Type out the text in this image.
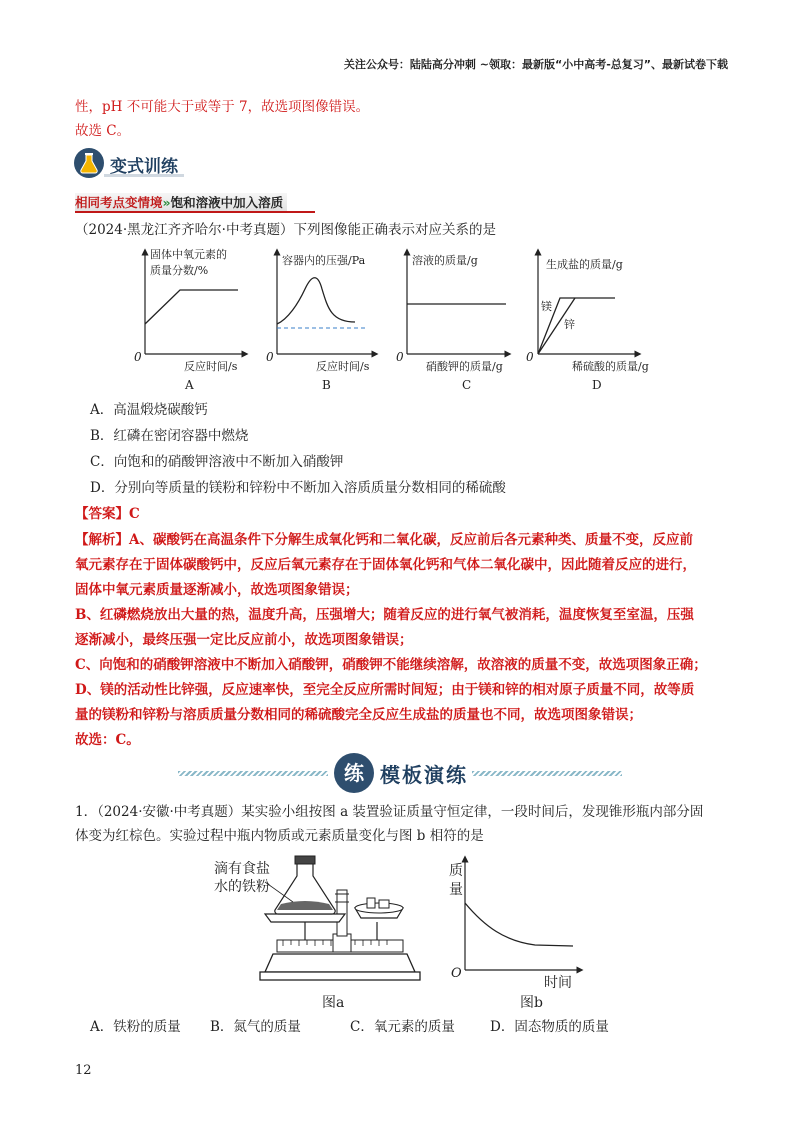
关注公众号：陆陆高分冲刺 ~领取：最新版“小中高考-总复习”、最新试卷下载
性，pH 不可能大于或等于 7，故选项图像错误。
故选 C。
变式训练
相同考点变情境»饱和溶液中加入溶质
（2024·黑龙江齐齐哈尔·中考真题）下列图像能正确表示对应关系的是
固体中氧元素的
质量分数/%
反应时间/s
0
A
容器内的压强/Pa
反应时间/s
0
B
溶液的质量/g
硝酸钾的质量/g
0
C
生成盐的质量/g
稀硫酸的质量/g
0
镁
锌
D
A．高温煅烧碳酸钙
B．红磷在密闭容器中燃烧
C．向饱和的硝酸钾溶液中不断加入硝酸钾
D．分别向等质量的镁粉和锌粉中不断加入溶质质量分数相同的稀硫酸
【答案】C
【解析】A、碳酸钙在高温条件下分解生成氧化钙和二氧化碳，反应前后各元素种类、质量不变，反应前
氧元素存在于固体碳酸钙中，反应后氧元素存在于固体氧化钙和气体二氧化碳中，因此随着反应的进行，
固体中氧元素质量逐渐减小，故选项图象错误；
B、红磷燃烧放出大量的热，温度升高，压强增大；随着反应的进行氧气被消耗，温度恢复至室温，压强
逐渐减小，最终压强一定比反应前小，故选项图象错误；
C、向饱和的硝酸钾溶液中不断加入硝酸钾，硝酸钾不能继续溶解，故溶液的质量不变，故选项图象正确；
D、镁的活动性比锌强，反应速率快，至完全反应所需时间短；由于镁和锌的相对原子质量不同，故等质
量的镁粉和锌粉与溶质质量分数相同的稀硫酸完全反应生成盐的质量也不同，故选项图象错误；
故选：C。
练 模板演练
1．（2024·安徽·中考真题）某实验小组按图 a 装置验证质量守恒定律，一段时间后，发现锥形瓶内部分固
体变为红棕色。实验过程中瓶内物质或元素质量变化与图 b 相符的是
滴有食盐
水的铁粉
图a
质
量
O
时间
图b
A．铁粉的质量 B．氮气的质量	C．氧元素的质量	D．固态物质的质量
12
